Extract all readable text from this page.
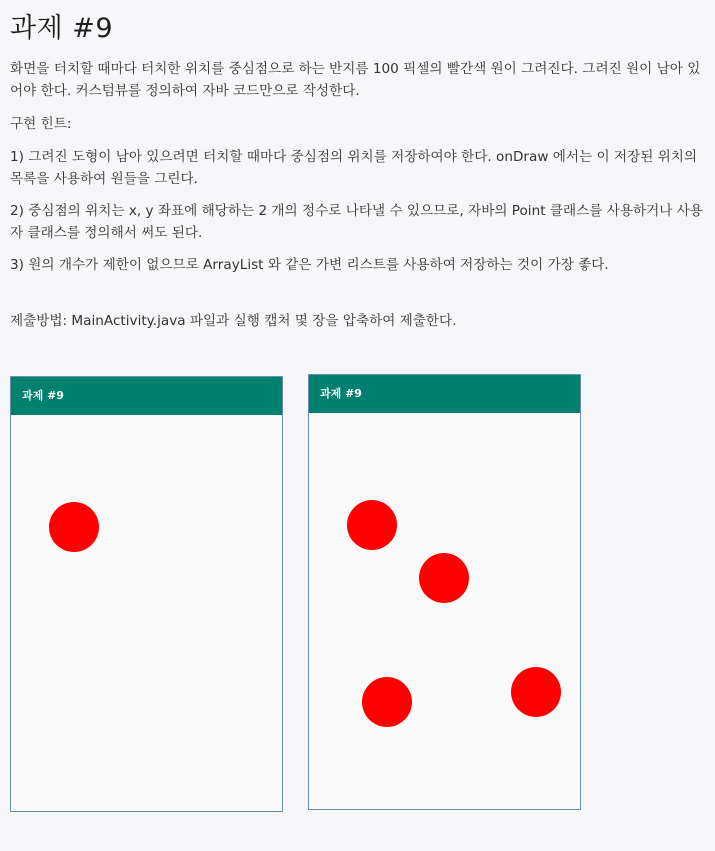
과제 #9

화면을 터치할 때마다 터치한 위치를 중심점으로 하는 반지름 100 픽셀의 빨간색 원이 그려진다. 그려진 원이 남아 있어야 한다. 커스텀뷰를 정의하여 자바 코드만으로 작성한다.

구현 힌트:

1) 그려진 도형이 남아 있으려면 터치할 때마다 중심점의 위치를 저장하여야 한다. onDraw 에서는 이 저장된 위치의 목록을 사용하여 원들을 그린다.

2) 중심점의 위치는 x, y 좌표에 해당하는 2 개의 정수로 나타낼 수 있으므로, 자바의 Point 클래스를 사용하거나 사용자 클래스를 정의해서 써도 된다.

3) 원의 개수가 제한이 없으므로 ArrayList 와 같은 가변 리스트를 사용하여 저장하는 것이 가장 좋다.

제출방법: MainActivity.java 파일과 실행 캡처 몇 장을 압축하여 제출한다.

과제 #9	과제 #9
